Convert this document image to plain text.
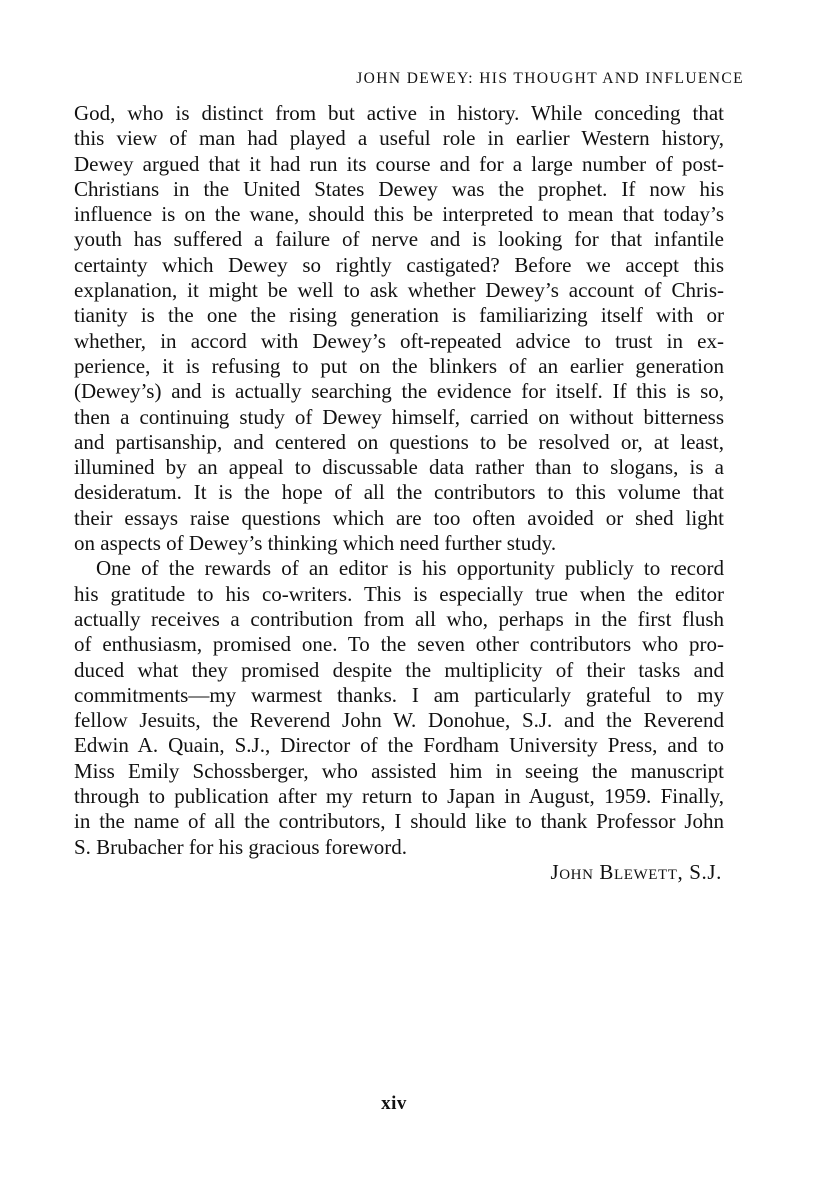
JOHN DEWEY: HIS THOUGHT AND INFLUENCE
God, who is distinct from but active in history. While conceding that
this view of man had played a useful role in earlier Western history,
Dewey argued that it had run its course and for a large number of post-
Christians in the United States Dewey was the prophet. If now his
influence is on the wane, should this be interpreted to mean that today’s
youth has suffered a failure of nerve and is looking for that infantile
certainty which Dewey so rightly castigated? Before we accept this
explanation, it might be well to ask whether Dewey’s account of Chris-
tianity is the one the rising generation is familiarizing itself with or
whether, in accord with Dewey’s oft-repeated advice to trust in ex-
perience, it is refusing to put on the blinkers of an earlier generation
(Dewey’s) and is actually searching the evidence for itself. If this is so,
then a continuing study of Dewey himself, carried on without bitterness
and partisanship, and centered on questions to be resolved or, at least,
illumined by an appeal to discussable data rather than to slogans, is a
desideratum. It is the hope of all the contributors to this volume that
their essays raise questions which are too often avoided or shed light
on aspects of Dewey’s thinking which need further study.
One of the rewards of an editor is his opportunity publicly to record
his gratitude to his co-writers. This is especially true when the editor
actually receives a contribution from all who, perhaps in the first flush
of enthusiasm, promised one. To the seven other contributors who pro-
duced what they promised despite the multiplicity of their tasks and
commitments—my warmest thanks. I am particularly grateful to my
fellow Jesuits, the Reverend John W. Donohue, S.J. and the Reverend
Edwin A. Quain, S.J., Director of the Fordham University Press, and to
Miss Emily Schossberger, who assisted him in seeing the manuscript
through to publication after my return to Japan in August, 1959. Finally,
in the name of all the contributors, I should like to thank Professor John
S. Brubacher for his gracious foreword.
John Blewett, S.J.
xiv
